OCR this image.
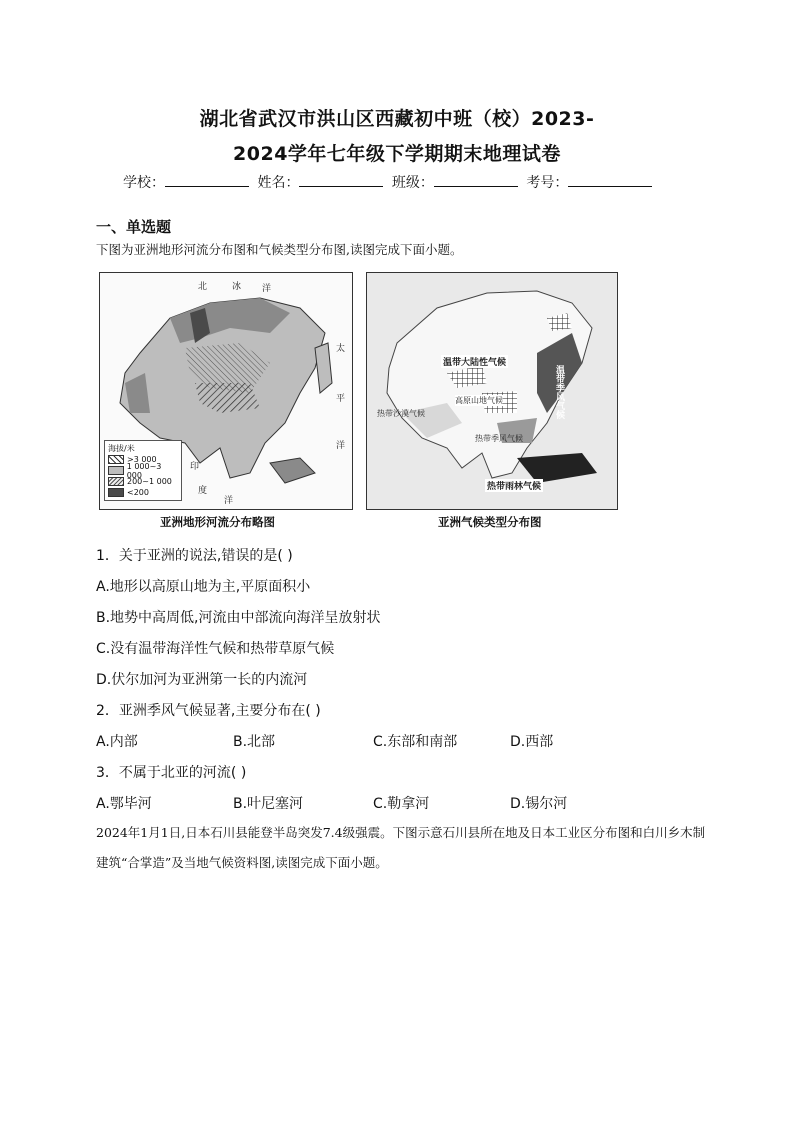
湖北省武汉市洪山区西藏初中班（校）2023-
2024学年七年级下学期期末地理试卷
学校：	姓名：	班级：	考号：
一、单选题
下图为亚洲地形河流分布图和气候类型分布图,读图完成下面小题。
北	冰 洋
太
平
洋
印
度
洋
海拔/米
>3 000
1 000~3 000
200~1 000
<200
温带大陆性气候
温带季风气候
高原山地气候
热带沙漠气候
热带季风气候
热带雨林气候
亚洲地形河流分布略图	亚洲气候类型分布图
1．关于亚洲的说法,错误的是( )
A.地形以高原山地为主,平原面积小
B.地势中高周低,河流由中部流向海洋呈放射状
C.没有温带海洋性气候和热带草原气候
D.伏尔加河为亚洲第一长的内流河
2．亚洲季风气候显著,主要分布在( )
A.内部	B.北部	C.东部和南部	D.西部
3．不属于北亚的河流( )
A.鄂毕河	B.叶尼塞河	C.勒拿河	D.锡尔河
2024年1月1日,日本石川县能登半岛突发7.4级强震。下图示意石川县所在地及日本工业区分布图和白川乡木制建筑“合掌造”及当地气候资料图,读图完成下面小题。
